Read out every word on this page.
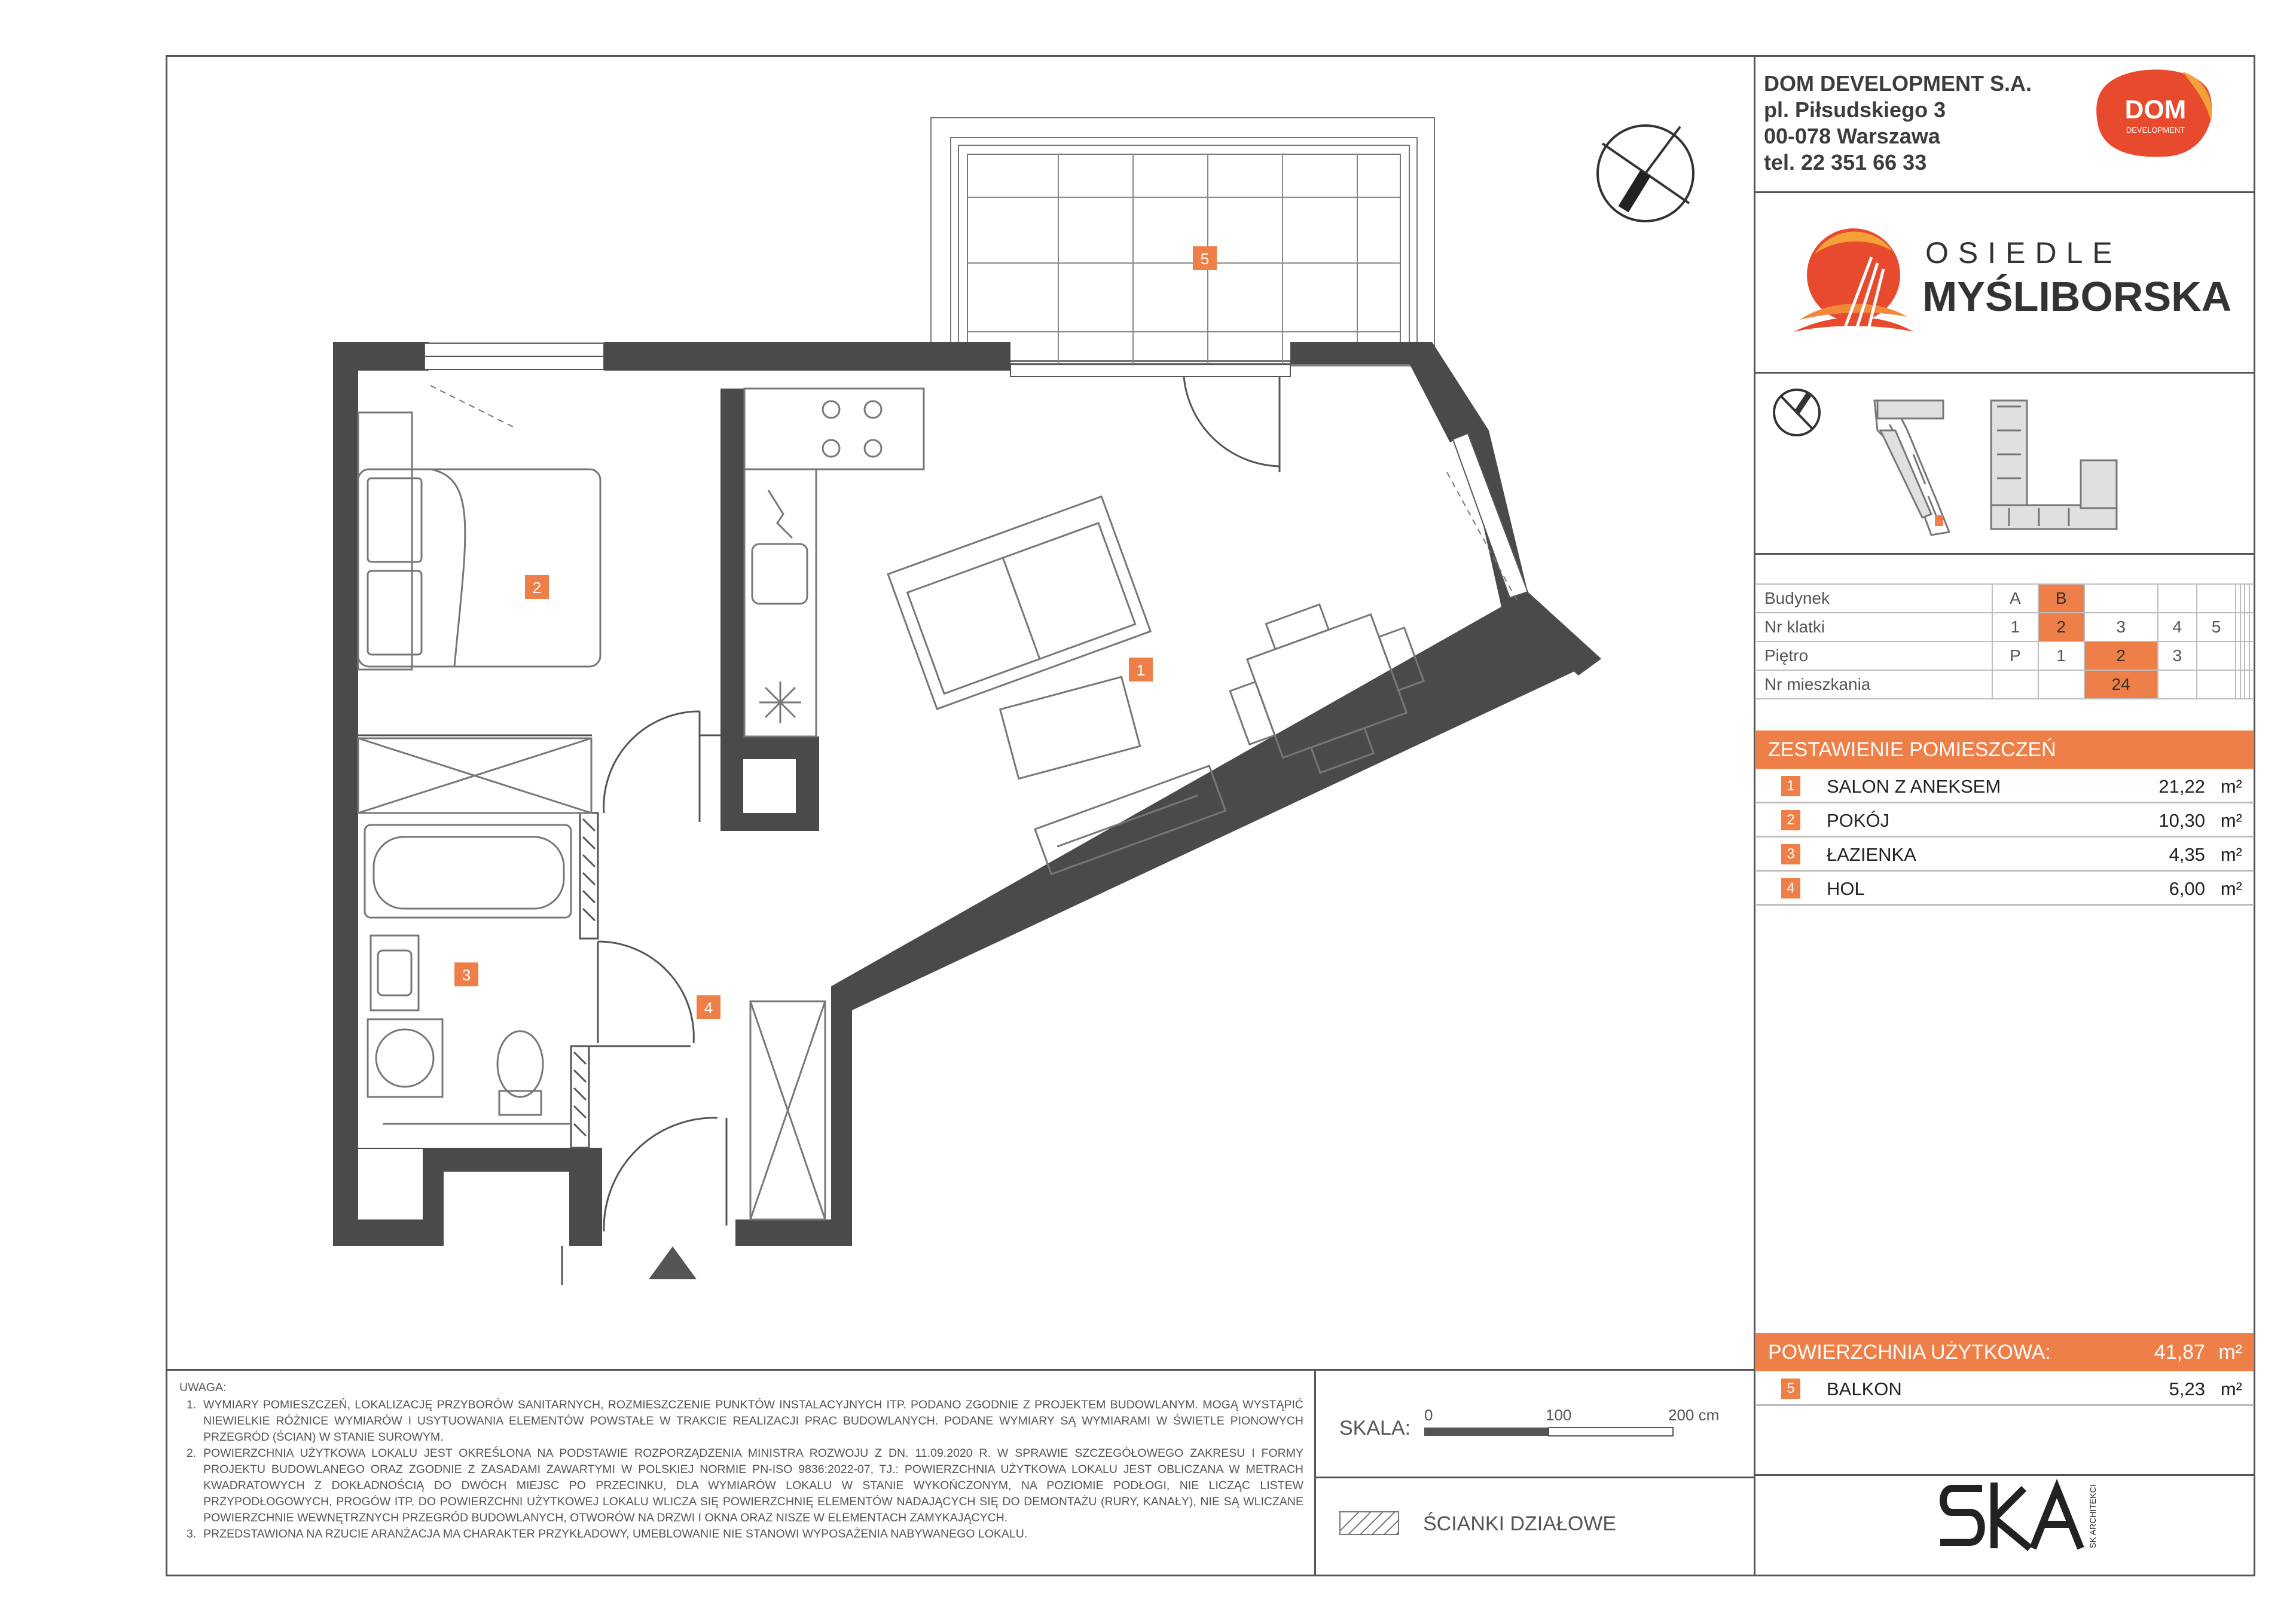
DOM DEVELOPMENT S.A.
pl. Piłsudskiego 3
00-078 Warszawa
tel. 22 351 66 33
DOM
DEVELOPMENT
OSIEDLE
MYŚLIBORSKA
Budynek	A	B							
Nr klatki	1	2	3	4	5				
Piętro	P	1	2	3					
Nr mieszkania			24						
ZESTAWIENIE POMIESZCZEŃ
1	SALON Z ANEKSEM	21,22 m²
2	POKÓJ	10,30 m²
3	ŁAZIENKA	4,35 m²
4	HOL	6,00 m²
POWIERZCHNIA UŻYTKOWA:	41,87 m²
5	BALKON	5,23 m²
UWAGA:
1. WYMIARY POMIESZCZEŃ, LOKALIZACJĘ PRZYBORÓW SANITARNYCH, ROZMIESZCZENIE PUNKTÓW INSTALACYJNYCH ITP. PODANO ZGODNIE Z PROJEKTEM BUDOWLANYM. MOGĄ WYSTĄPIĆ NIEWIELKIE RÓŻNICE WYMIARÓW I USYTUOWANIA ELEMENTÓW POWSTAŁE W TRAKCIE REALIZACJI PRAC BUDOWLANYCH. PODANE WYMIARY SĄ WYMIARAMI W ŚWIETLE PIONOWYCH PRZEGRÓD (ŚCIAN) W STANIE SUROWYM.
2. POWIERZCHNIA UŻYTKOWA LOKALU JEST OKREŚLONA NA PODSTAWIE ROZPORZĄDZENIA MINISTRA ROZWOJU Z DN. 11.09.2020 R. W SPRAWIE SZCZEGÓŁOWEGO ZAKRESU I FORMY PROJEKTU BUDOWLANEGO ORAZ ZGODNIE Z ZASADAMI ZAWARTYMI W POLSKIEJ NORMIE PN-ISO 9836:2022-07, TJ.: POWIERZCHNIA UŻYTKOWA LOKALU JEST OBLICZANA W METRACH KWADRATOWYCH Z DOKŁADNOŚCIĄ DO DWÓCH MIEJSC PO PRZECINKU, DLA WYMIARÓW LOKALU W STANIE WYKOŃCZONYM, NA POZIOMIE PODŁOGI, NIE LICZĄC LISTEW PRZYPODŁOGOWYCH, PROGÓW ITP. DO POWIERZCHNI UŻYTKOWEJ LOKALU WLICZA SIĘ POWIERZCHNIĘ ELEMENTÓW NADAJĄCYCH SIĘ DO DEMONTAŻU (RURY, KANAŁY), NIE SĄ WLICZANE POWIERZCHNIE WEWNĘTRZNYCH PRZEGRÓD BUDOWLANYCH, OTWORÓW NA DRZWI I OKNA ORAZ NISZE W ELEMENTACH ZAMYKAJĄCYCH.
3. PRZEDSTAWIONA NA RZUCIE ARANŻACJA MA CHARAKTER PRZYKŁADOWY, UMEBLOWANIE NIE STANOWI WYPOSAŻENIA NABYWANEGO LOKALU.
SKALA:
0	100	200 cm
ŚCIANKI DZIAŁOWE	SK ARCHITEKCI
1
2
3
4
5
